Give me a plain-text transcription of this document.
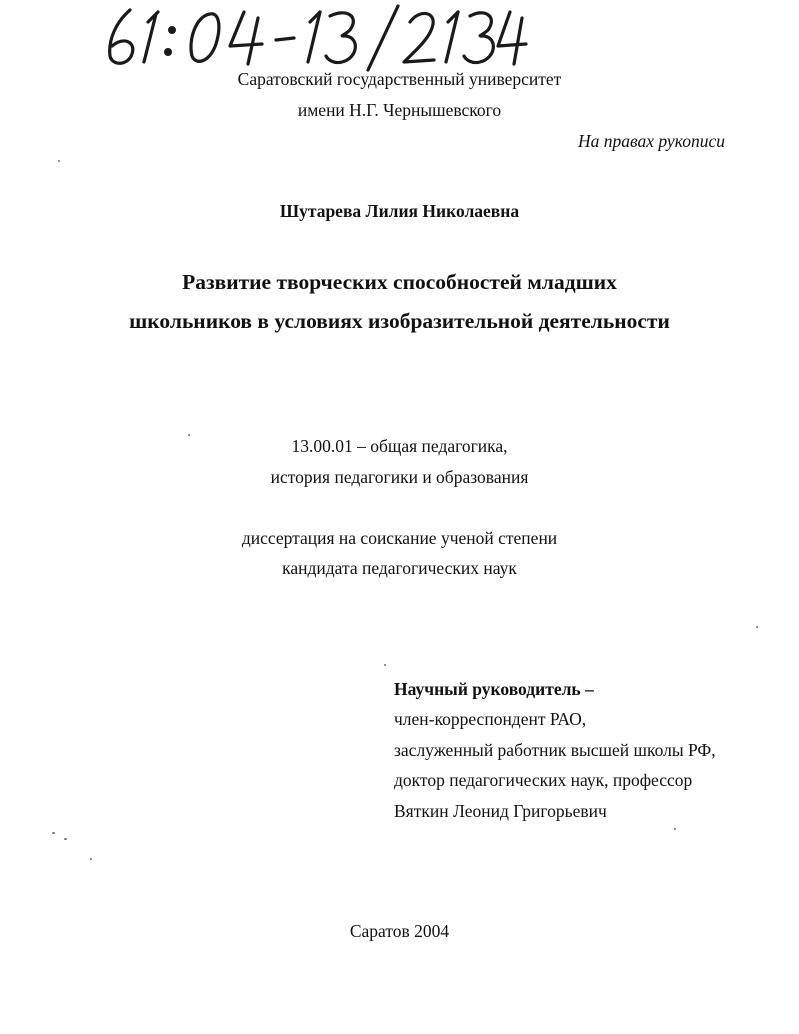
Саратовский государственный университет
имени Н.Г. Чернышевского
На правах рукописи
Шутарева Лилия Николаевна
Развитие творческих способностей младших
школьников в условиях изобразительной деятельности
13.00.01 – общая педагогика,
история педагогики и образования
диссертация на соискание ученой степени
кандидата педагогических наук
Научный руководитель –
член-корреспондент РАО,
заслуженный работник высшей школы РФ,
доктор педагогических наук, профессор
Вяткин Леонид Григорьевич
Саратов 2004
